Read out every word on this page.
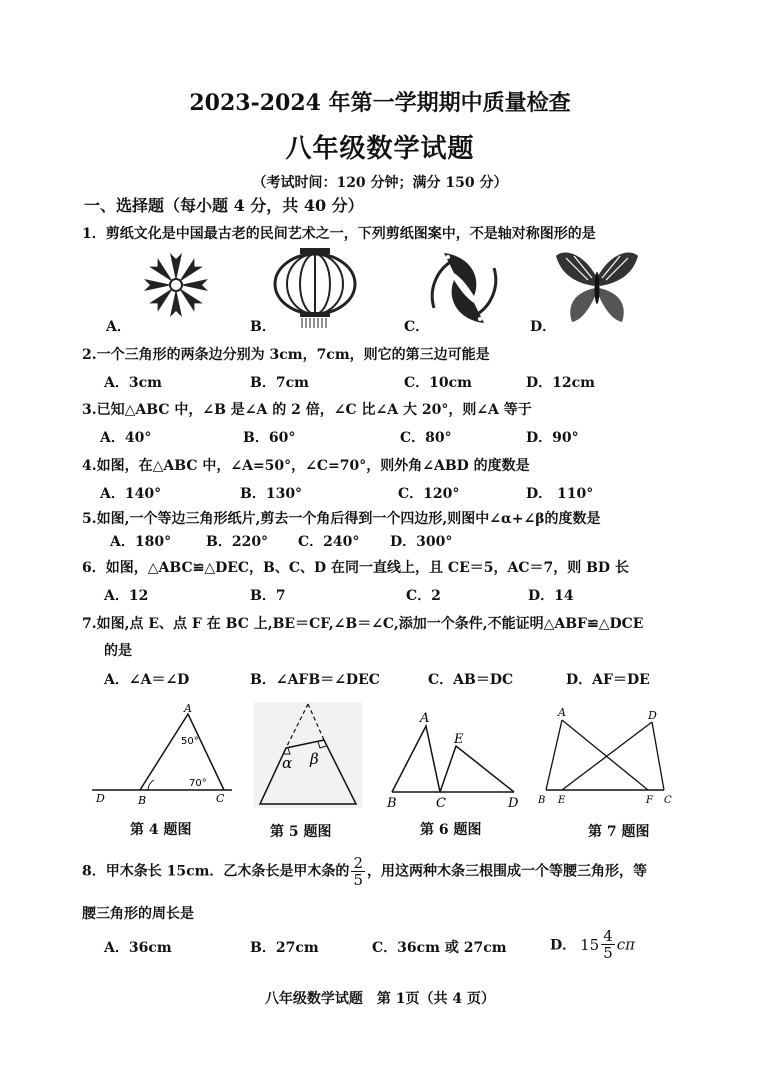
2023-2024 年第一学期期中质量检查
八年级数学试题
（考试时间：120 分钟；满分 150 分）
一、选择题（每小题 4 分，共 40 分）
1．剪纸文化是中国最古老的民间艺术之一，下列剪纸图案中，不是轴对称图形的是
A．	B．	C．	D．
2.一个三角形的两条边分别为 3cm，7cm，则它的第三边可能是
A．3cm	B．7cm	C．10cm	D．12cm
3.已知△ABC 中，∠B 是∠A 的 2 倍，∠C 比∠A 大 20°，则∠A 等于
A．40°	B．60°	C．80°	D．90°
4.如图，在△ABC 中，∠A=50°，∠C=70°，则外角∠ABD 的度数是
A．140°	B．130°	C．120°	D． 110°
5.如图,一个等边三角形纸片,剪去一个角后得到一个四边形,则图中∠α+∠β的度数是
A．180° B．220° C．240° D．300°
6．如图，△ABC≌△DEC，B、C、D 在同一直线上，且 CE＝5，AC＝7，则 BD 长
A．12	B．7	C．2	D．14
7.如图,点 E、点 F 在 BC 上,BE＝CF,∠B＝∠C,添加一个条件,不能证明△ABF≌△DCE
的是
A．∠A＝∠D	B．∠AFB＝∠DEC	C．AB＝DC	D．AF＝DE
A
B	C
D
50°
70°
第 4 题图
α β
第 5 题图
A
E
B	C	D
第 6 题图
A	D
B E	F C
第 7 题图
8．甲木条长 15cm．乙木条长是甲木条的 $\frac{2}{5}$ ，用这两种木条三根围成一个等腰三角形，等
腰三角形的周长是
A．36cm	B．27cm	C．36cm 或 27cm	D． $15 \frac{4}{5}$ cπ
八年级数学试题　第 1页（共 4 页）
